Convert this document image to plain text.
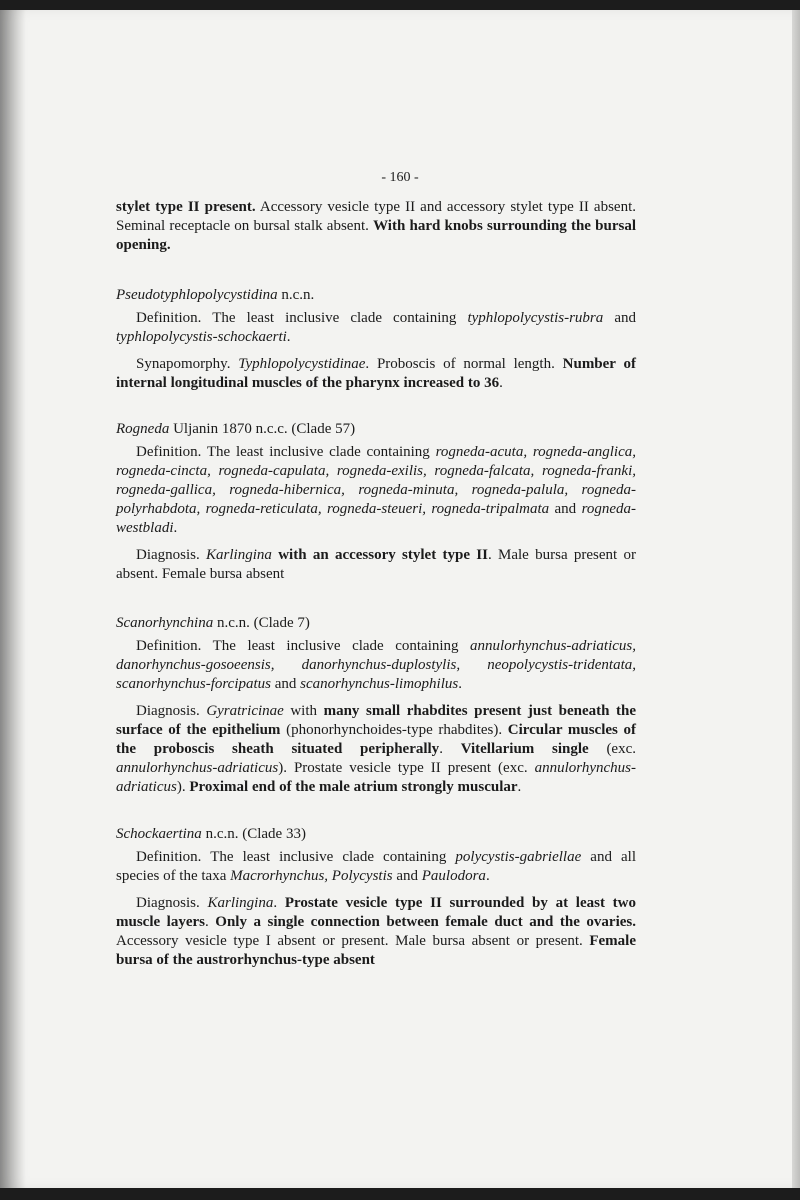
- 160 -

stylet type II present. Accessory vesicle type II and accessory stylet type II absent. Seminal receptacle on bursal stalk absent. With hard knobs surrounding the bursal opening.

Pseudotyphlopolycystidina n.c.n.

Definition. The least inclusive clade containing typhlopolycystis-rubra and typhlopolycystis-schockaerti.

Synapomorphy. Typhlopolycystidinae. Proboscis of normal length. Number of internal longitudinal muscles of the pharynx increased to 36.

Rogneda Uljanin 1870 n.c.c. (Clade 57)

Definition. The least inclusive clade containing rogneda-acuta, rogneda-anglica, rogneda-cincta, rogneda-capulata, rogneda-exilis, rogneda-falcata, rogneda-franki, rogneda-gallica, rogneda-hibernica, rogneda-minuta, rogneda-palula, rogneda-polyrhabdota, rogneda-reticulata, rogneda-steueri, rogneda-tripalmata and rogneda-westbladi.

Diagnosis. Karlingina with an accessory stylet type II. Male bursa present or absent. Female bursa absent

Scanorhynchina n.c.n. (Clade 7)

Definition. The least inclusive clade containing annulorhynchus-adriaticus, danorhynchus-gosoeensis, danorhynchus-duplostylis, neopolycystis-tridentata, scanorhynchus-forcipatus and scanorhynchus-limophilus.

Diagnosis. Gyratricinae with many small rhabdites present just beneath the surface of the epithelium (phonorhynchoides-type rhabdites). Circular muscles of the proboscis sheath situated peripherally. Vitellarium single (exc. annulorhynchus-adriaticus). Prostate vesicle type II present (exc. annulorhynchus-adriaticus). Proximal end of the male atrium strongly muscular.

Schockaertina n.c.n. (Clade 33)

Definition. The least inclusive clade containing polycystis-gabriellae and all species of the taxa Macrorhynchus, Polycystis and Paulodora.

Diagnosis. Karlingina. Prostate vesicle type II surrounded by at least two muscle layers. Only a single connection between female duct and the ovaries. Accessory vesicle type I absent or present. Male bursa absent or present. Female bursa of the austrorhynchus-type absent
